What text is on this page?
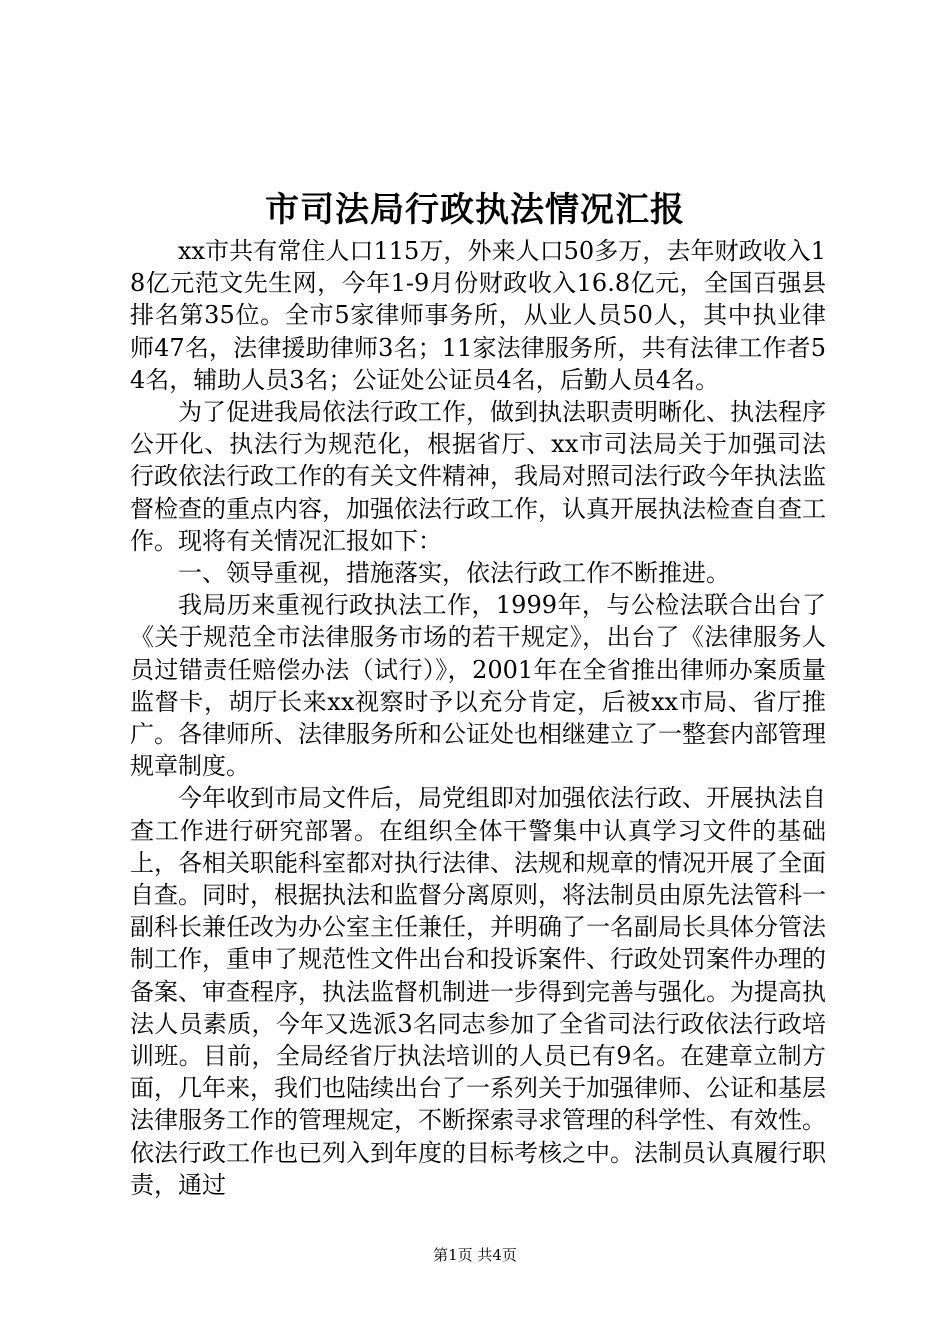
市司法局行政执法情况汇报

xx市共有常住人口115万，外来人口50多万，去年财政收入18亿元范文先生网，今年1-9月份财政收入16.8亿元，全国百强县排名第35位。全市5家律师事务所，从业人员50人，其中执业律师47名，法律援助律师3名；11家法律服务所，共有法律工作者54名，辅助人员3名；公证处公证员4名，后勤人员4名。

为了促进我局依法行政工作，做到执法职责明晰化、执法程序公开化、执法行为规范化，根据省厅、xx市司法局关于加强司法行政依法行政工作的有关文件精神，我局对照司法行政今年执法监督检查的重点内容，加强依法行政工作，认真开展执法检查自查工作。现将有关情况汇报如下：

一、领导重视，措施落实，依法行政工作不断推进。

我局历来重视行政执法工作，1999年，与公检法联合出台了《关于规范全市法律服务市场的若干规定》，出台了《法律服务人员过错责任赔偿办法（试行）》，2001年在全省推出律师办案质量监督卡，胡厅长来xx视察时予以充分肯定，后被xx市局、省厅推广。各律师所、法律服务所和公证处也相继建立了一整套内部管理规章制度。

今年收到市局文件后，局党组即对加强依法行政、开展执法自查工作进行研究部署。在组织全体干警集中认真学习文件的基础上，各相关职能科室都对执行法律、法规和规章的情况开展了全面自查。同时，根据执法和监督分离原则，将法制员由原先法管科一副科长兼任改为办公室主任兼任，并明确了一名副局长具体分管法制工作，重申了规范性文件出台和投诉案件、行政处罚案件办理的备案、审查程序，执法监督机制进一步得到完善与强化。为提高执法人员素质，今年又选派3名同志参加了全省司法行政依法行政培训班。目前，全局经省厅执法培训的人员已有9名。在建章立制方面，几年来，我们也陆续出台了一系列关于加强律师、公证和基层法律服务工作的管理规定，不断探索寻求管理的科学性、有效性。依法行政工作也已列入到年度的目标考核之中。法制员认真履行职责，通过

第1页 共4页
